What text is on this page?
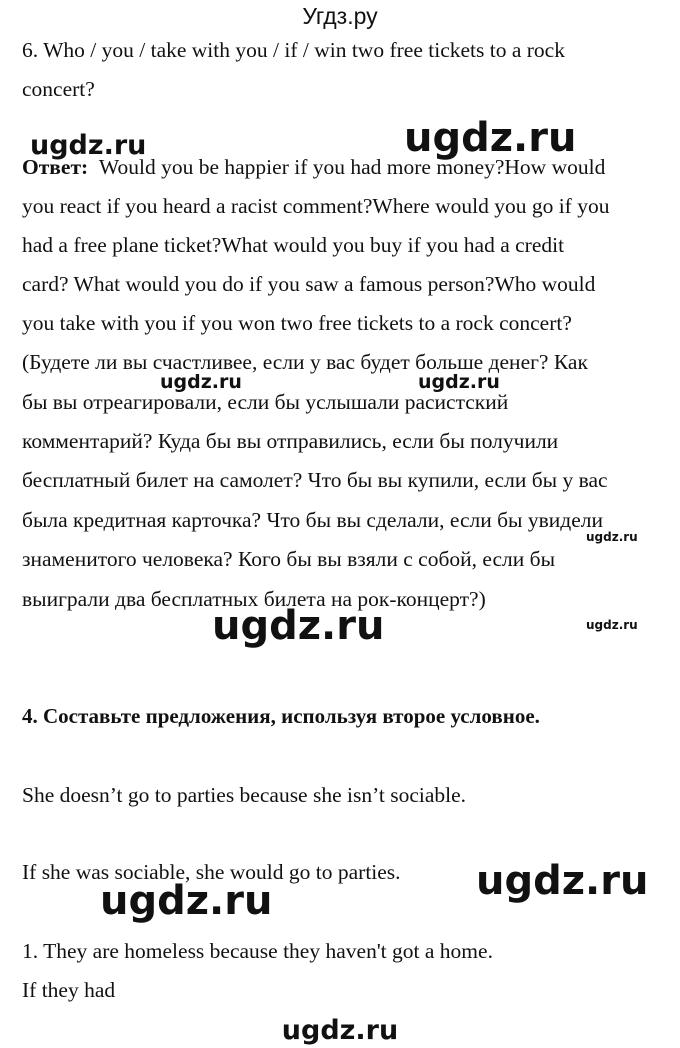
Угдз.ру
6. Who / you / take with you / if / win two free tickets to a rock
concert?
ugdz.ru	ugdz.ru
Ответ: Would you be happier if you had more money?How would
you react if you heard a racist comment?Where would you go if you
had a free plane ticket?What would you buy if you had a credit
card? What would you do if you saw a famous person?Who would
you take with you if you won two free tickets to a rock concert?
(Будете ли вы счастливее, если у вас будет больше денег? Как
ugdz.ru	ugdz.ru
бы вы отреагировали, если бы услышали расистский
комментарий? Куда бы вы отправились, если бы получили
бесплатный билет на самолет? Что бы вы купили, если бы у вас
была кредитная карточка? Что бы вы сделали, если бы увидели
ugdz.ru
знаменитого человека? Кого бы вы взяли с собой, если бы
выиграли два бесплатных билета на рок-концерт?)
ugdz.ru	ugdz.ru
4. Составьте предложения, используя второе условное.
She doesn’t go to parties because she isn’t sociable.
If she was sociable, she would go to parties. ugdz.ru
ugdz.ru
1. They are homeless because they haven't got a home.
If they had
ugdz.ru
